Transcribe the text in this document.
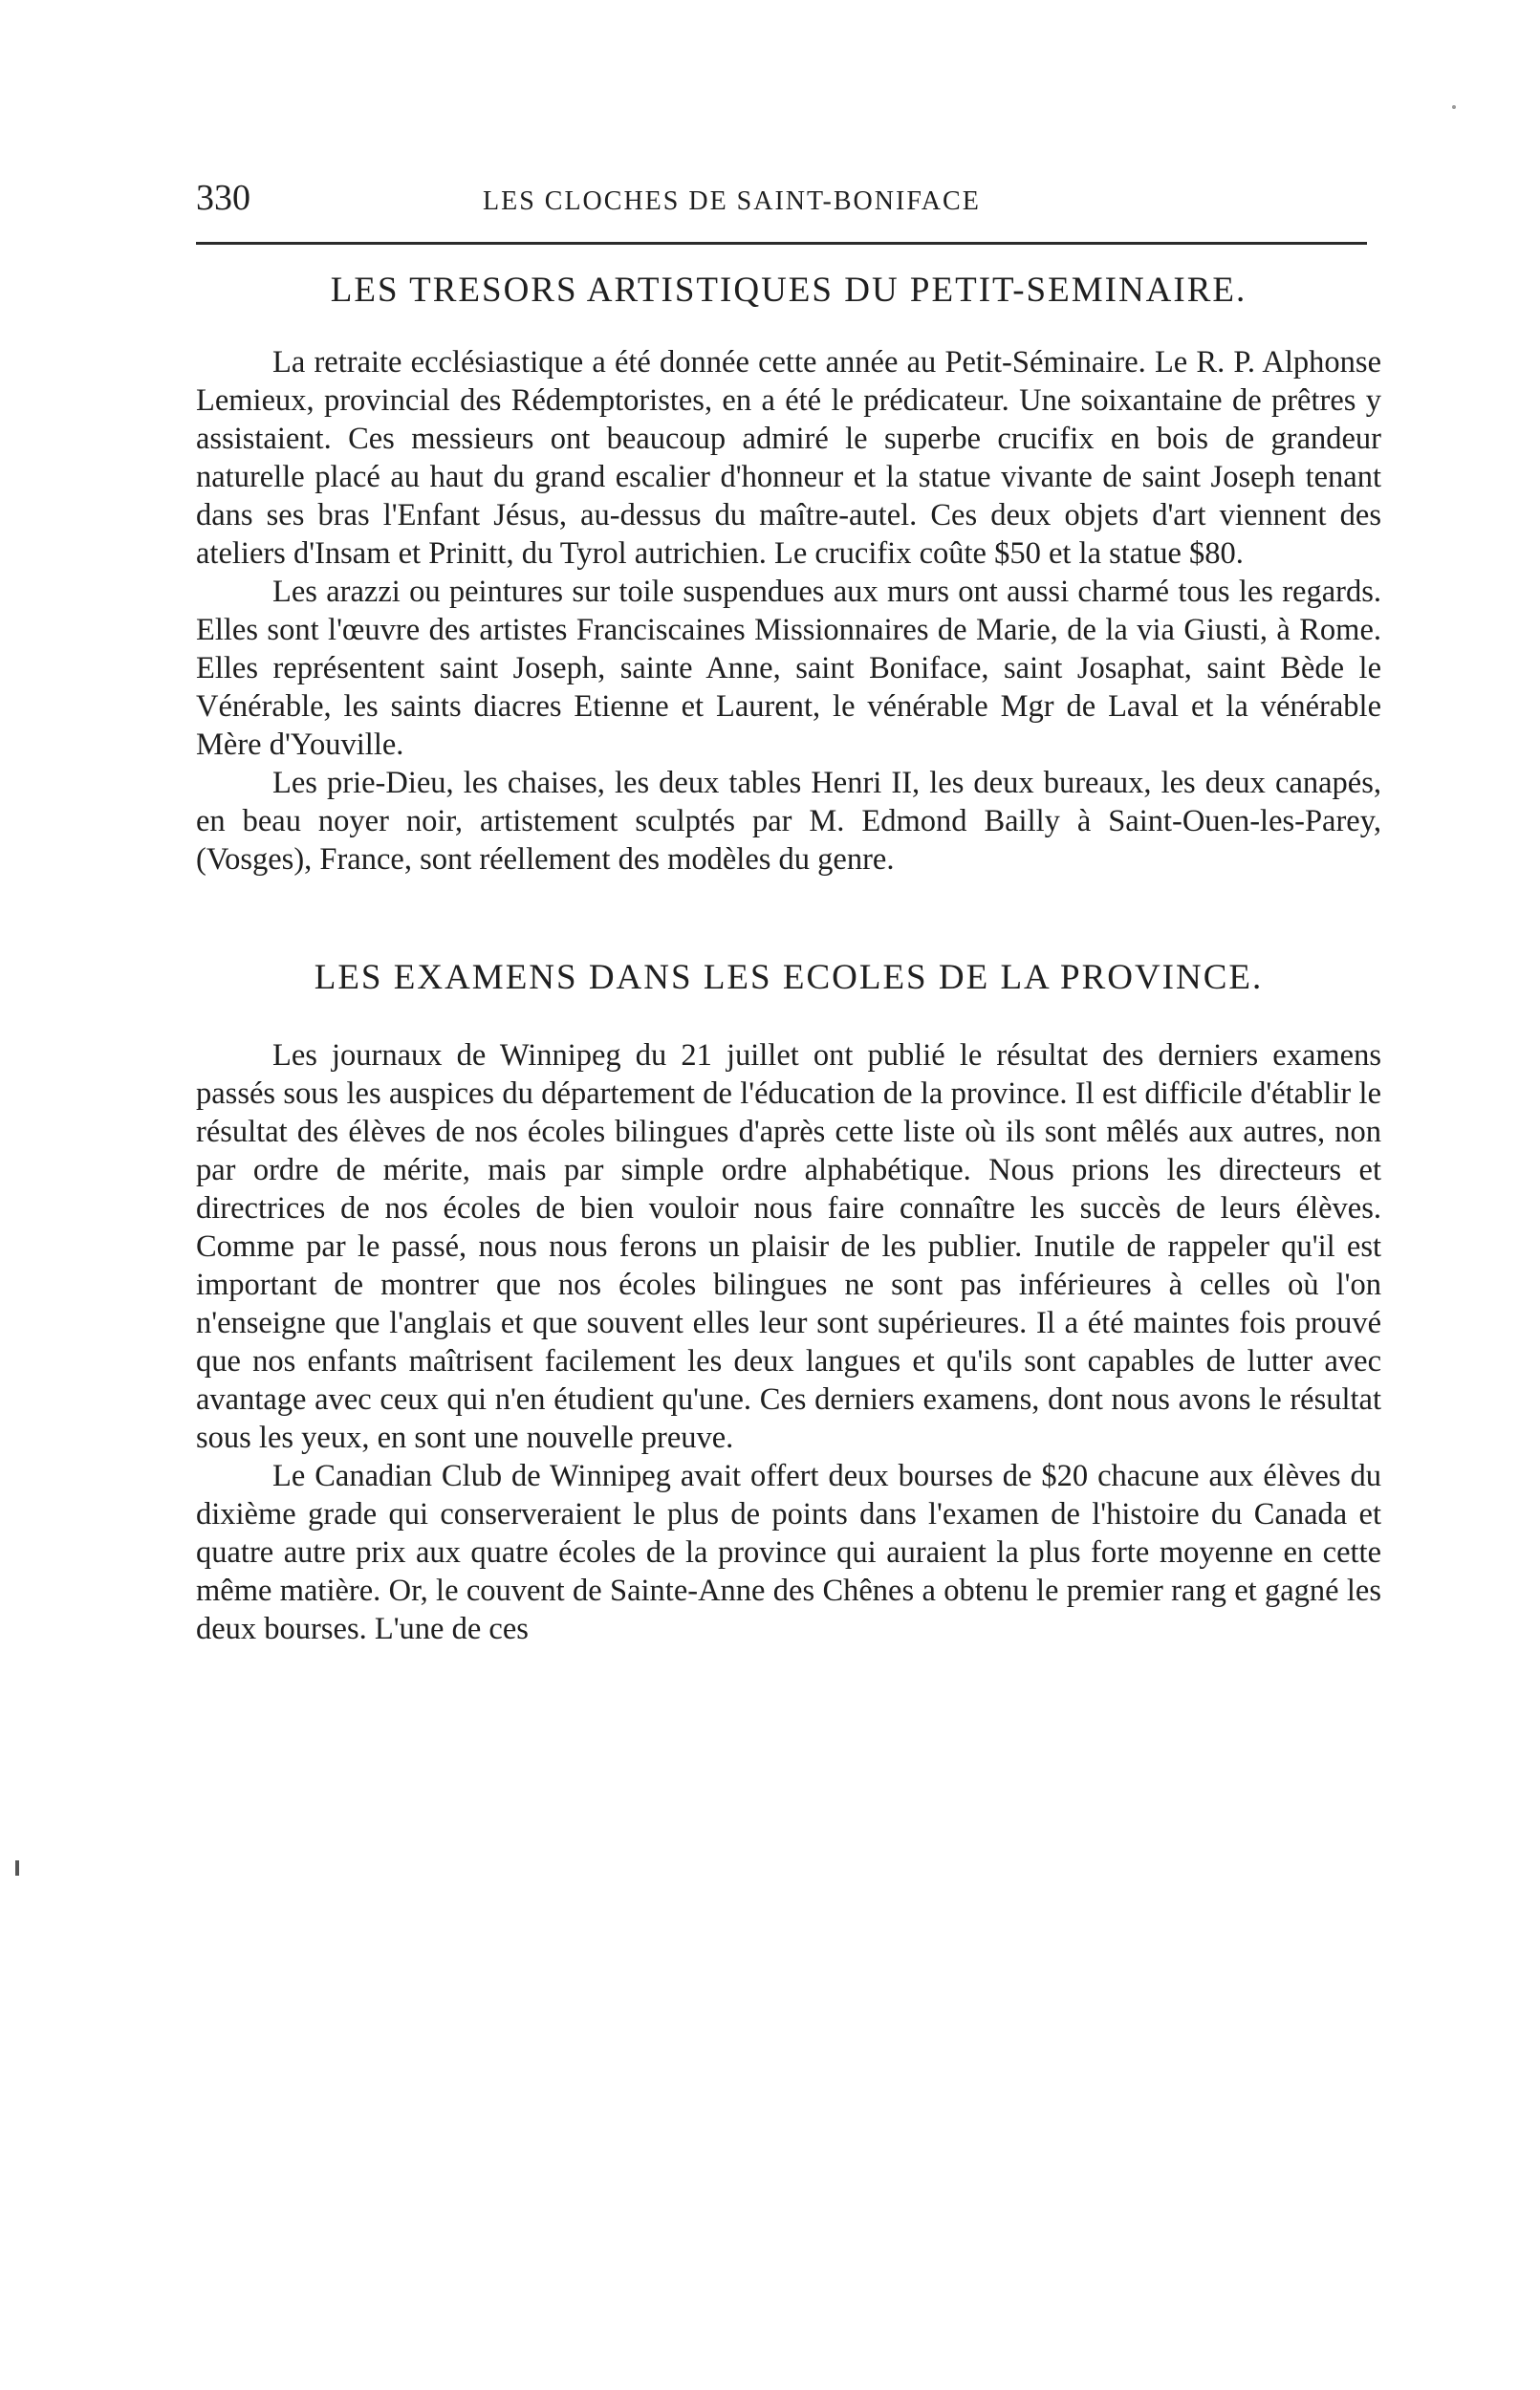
330	LES CLOCHES DE SAINT-BONIFACE
LES TRESORS ARTISTIQUES DU PETIT-SEMINAIRE.

La retraite ecclésiastique a été donnée cette année au Petit-Séminaire. Le R. P. Alphonse Lemieux, provincial des Rédemptoristes, en a été le prédicateur. Une soixantaine de prêtres y assistaient. Ces messieurs ont beaucoup admiré le superbe crucifix en bois de grandeur naturelle placé au haut du grand escalier d'honneur et la statue vivante de saint Joseph tenant dans ses bras l'Enfant Jésus, au-dessus du maître-autel. Ces deux objets d'art viennent des ateliers d'Insam et Prinitt, du Tyrol autrichien. Le crucifix coûte $50 et la statue $80.

Les arazzi ou peintures sur toile suspendues aux murs ont aussi charmé tous les regards. Elles sont l'œuvre des artistes Franciscaines Missionnaires de Marie, de la via Giusti, à Rome. Elles représentent saint Joseph, sainte Anne, saint Boniface, saint Josaphat, saint Bède le Vénérable, les saints diacres Etienne et Laurent, le vénérable Mgr de Laval et la vénérable Mère d'Youville.

Les prie-Dieu, les chaises, les deux tables Henri II, les deux bureaux, les deux canapés, en beau noyer noir, artistement sculptés par M. Edmond Bailly à Saint-Ouen-les-Parey, (Vosges), France, sont réellement des modèles du genre.

LES EXAMENS DANS LES ECOLES DE LA PROVINCE.

Les journaux de Winnipeg du 21 juillet ont publié le résultat des derniers examens passés sous les auspices du département de l'éducation de la province. Il est difficile d'établir le résultat des élèves de nos écoles bilingues d'après cette liste où ils sont mêlés aux autres, non par ordre de mérite, mais par simple ordre alphabétique. Nous prions les directeurs et directrices de nos écoles de bien vouloir nous faire connaître les succès de leurs élèves. Comme par le passé, nous nous ferons un plaisir de les publier. Inutile de rappeler qu'il est important de montrer que nos écoles bilingues ne sont pas inférieures à celles où l'on n'enseigne que l'anglais et que souvent elles leur sont supérieures. Il a été maintes fois prouvé que nos enfants maîtrisent facilement les deux langues et qu'ils sont capables de lutter avec avantage avec ceux qui n'en étudient qu'une. Ces derniers examens, dont nous avons le résultat sous les yeux, en sont une nouvelle preuve.

Le Canadian Club de Winnipeg avait offert deux bourses de $20 chacune aux élèves du dixième grade qui conserveraient le plus de points dans l'examen de l'histoire du Canada et quatre autre prix aux quatre écoles de la province qui auraient la plus forte moyenne en cette même matière. Or, le couvent de Sainte-Anne des Chênes a obtenu le premier rang et gagné les deux bourses. L'une de ces
